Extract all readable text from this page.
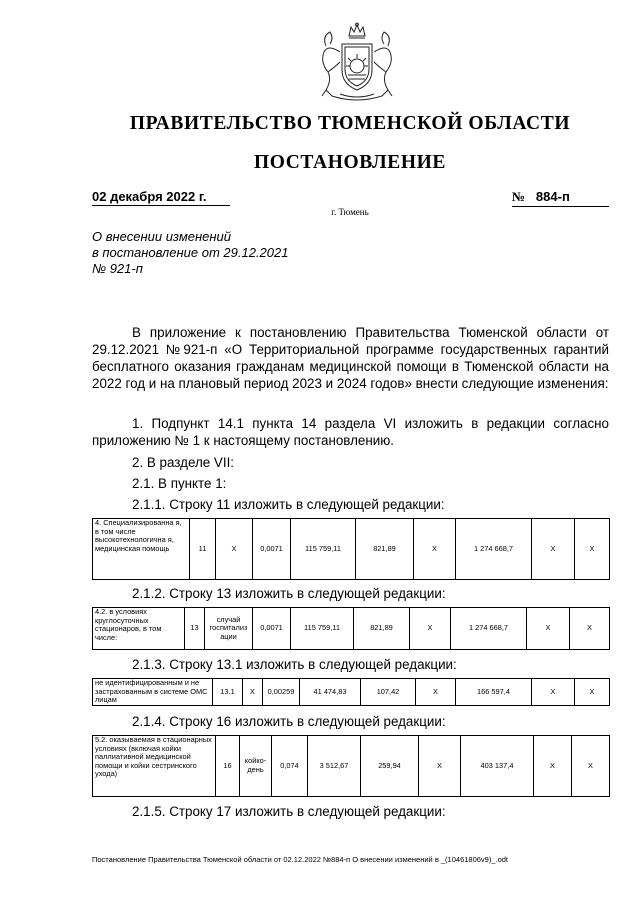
ПРАВИТЕЛЬСТВО ТЮМЕНСКОЙ ОБЛАСТИ
ПОСТАНОВЛЕНИЕ
02 декабря 2022 г.	№ 884-п
г. Тюмень
О внесении изменений
в постановление от 29.12.2021
№ 921-п
В приложение к постановлению Правительства Тюменской области от 29.12.2021 №921-п «О Территориальной программе государственных гарантий бесплатного оказания гражданам медицинской помощи в Тюменской области на 2022 год и на плановый период 2023 и 2024 годов» внести следующие изменения:
1. Подпункт 14.1 пункта 14 раздела VI изложить в редакции согласно приложению № 1 к настоящему постановлению.
2. В разделе VII:
2.1. В пункте 1:
2.1.1. Строку 11 изложить в следующей редакции:
4. Специализированна я, в том числе высокотехнологична я, медицинская помощь	11	Х	0,0071	115 759,11	821,89	Х	1 274 668,7	Х	Х
2.1.2. Строку 13 изложить в следующей редакции:
4.2. в условиях круглосуточных стационаров, в том числе:	13	случай госпитализ ации	0,0071	115 759,11	821,89	Х	1 274 668,7	Х	Х
2.1.3. Строку 13.1 изложить в следующей редакции:
не идентифицированным и не застрахованным в системе ОМС лицам	13.1	Х	0,00259	41 474,83	107,42	Х	166 597,4	Х	Х
2.1.4. Строку 16 изложить в следующей редакции:
5.2. оказываемая в стационарных условиях (включая койки паллиативной медицинской помощи и койки сестринского ухода)	16	койко-день	0,074	3 512,67	259,94	Х	403 137,4	Х	Х
2.1.5. Строку 17 изложить в следующей редакции:
Постановление Правительства Тюменской области от 02.12.2022 №884-п О внесении изменений в _(10461806v9)_.odt
